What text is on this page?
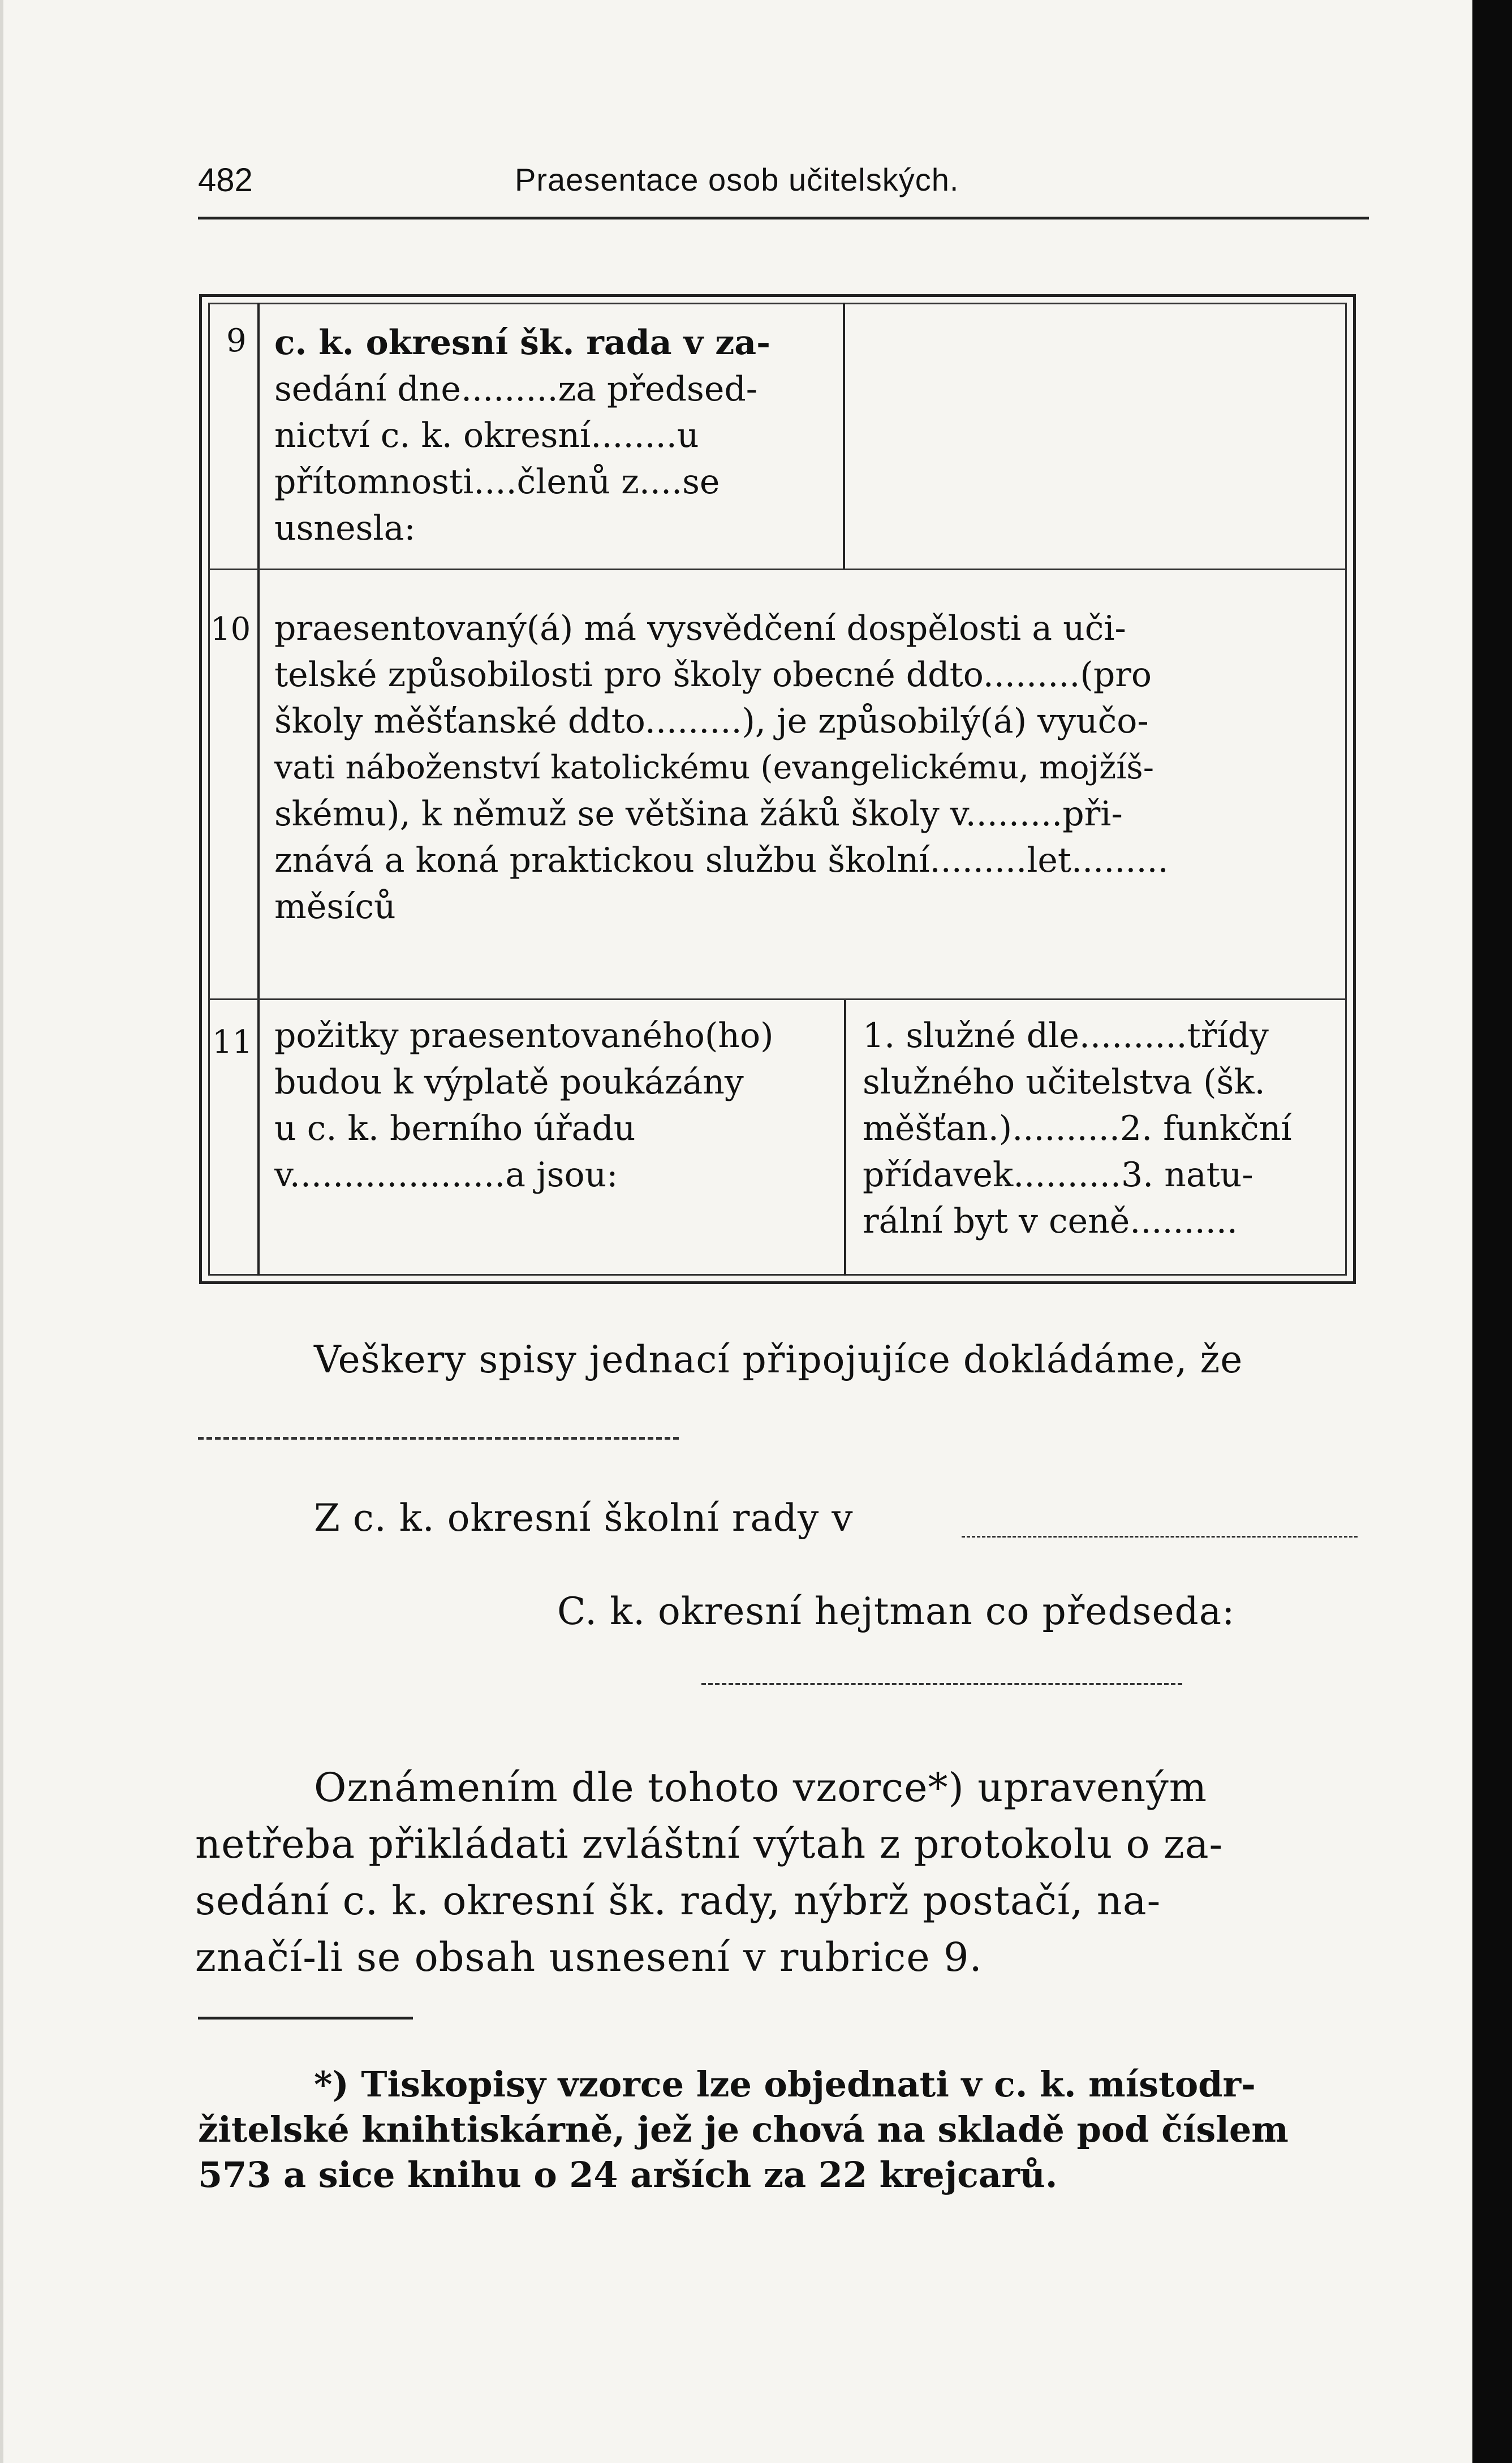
482	Praesentace osob učitelských.
9 c. k. okresní šk. rada v za-
sedání dne.........za předsed-
nictví c. k. okresní........u
přítomnosti....členů z....se
usnesla:
10 praesentovaný(á) má vysvědčení dospělosti a uči-
telské způsobilosti pro školy obecné ddto.........(pro
školy měšťanské ddto.........), je způsobilý(á) vyučo-
vati náboženství katolickému (evangelickému, mojžíš-
skému), k němuž se většina žáků školy v.........při-
znává a koná praktickou službu školní.........let.........
měsíců
11 požitky praesentovaného(ho)
budou k výplatě poukázány
u c. k. berního úřadu
v....................a jsou:
1. služné dle..........třídy
služného učitelstva (šk.
měšťan.)..........2. funkční
přídavek..........3. natu-
rální byt v ceně..........
Veškery spisy jednací připojujíce dokládáme, že
Z c. k. okresní školní rady v
C. k. okresní hejtman co předseda:
Oznámením dle tohoto vzorce*) upraveným
netřeba přikládati zvláštní výtah z protokolu o za-
sedání c. k. okresní šk. rady, nýbrž postačí, na-
značí-li se obsah usnesení v rubrice 9.
*) Tiskopisy vzorce lze objednati v c. k. místodr-
žitelské knihtiskárně, jež je chová na skladě pod číslem
573 a sice knihu o 24 arších za 22 krejcarů.
